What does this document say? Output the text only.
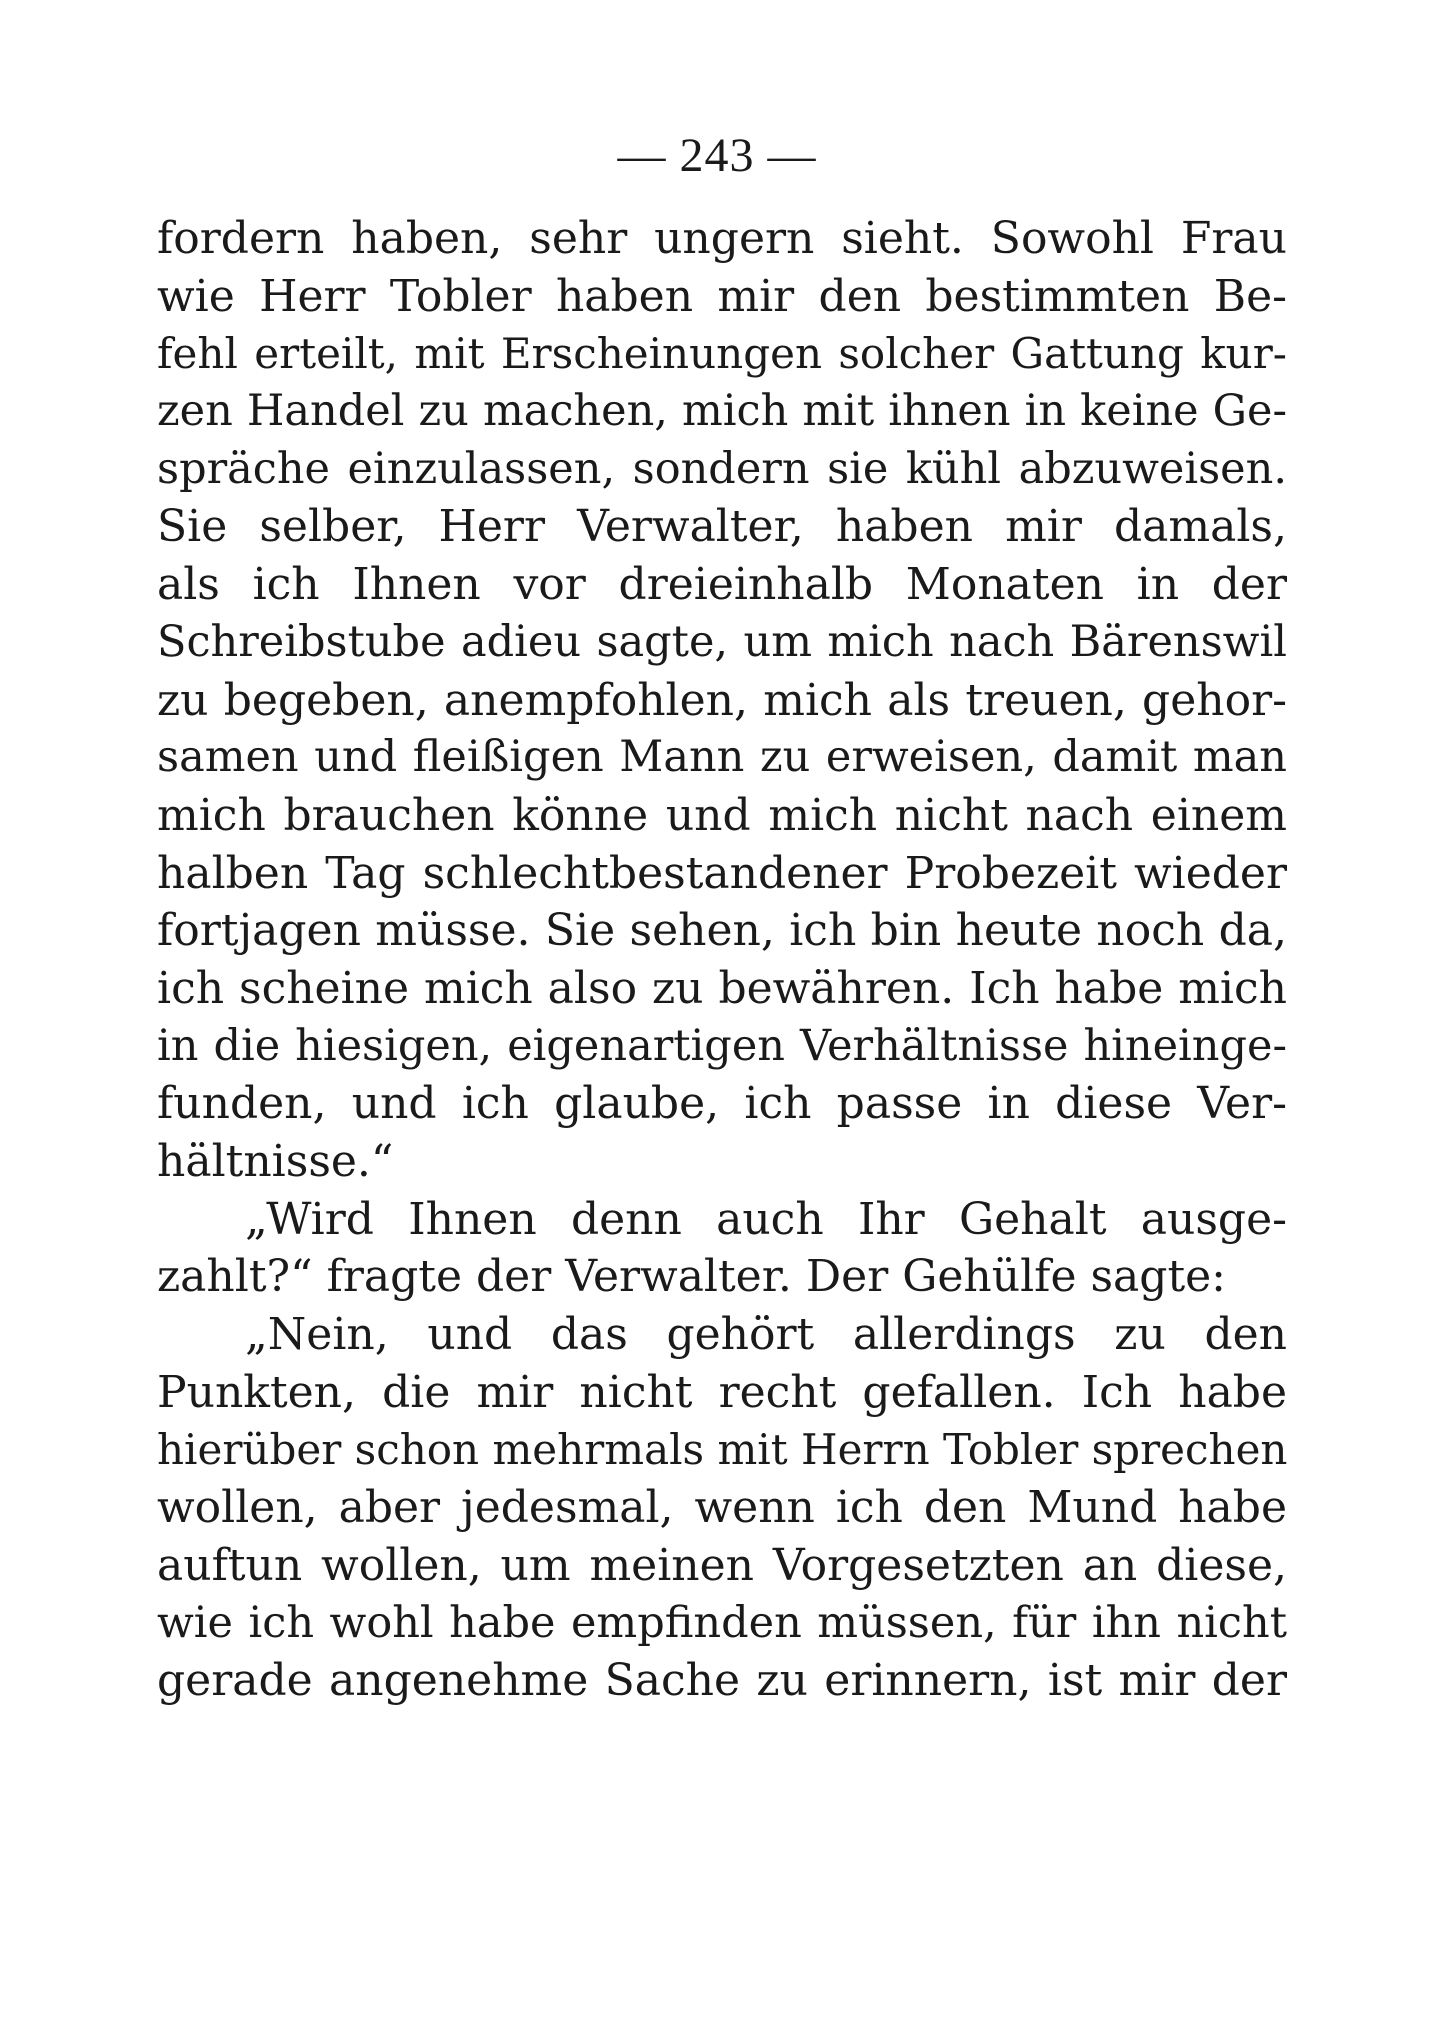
— 243 —
fordern haben, sehr ungern sieht. Sowohl Frau
wie Herr Tobler haben mir den bestimmten Be-
fehl erteilt, mit Erscheinungen solcher Gattung kur-
zen Handel zu machen, mich mit ihnen in keine Ge-
spräche einzulassen, sondern sie kühl abzuweisen.
Sie selber, Herr Verwalter, haben mir damals,
als ich Ihnen vor dreieinhalb Monaten in der
Schreibstube adieu sagte, um mich nach Bärenswil
zu begeben, anempfohlen, mich als treuen, gehor-
samen und fleißigen Mann zu erweisen, damit man
mich brauchen könne und mich nicht nach einem
halben Tag schlechtbestandener Probezeit wieder
fortjagen müsse. Sie sehen, ich bin heute noch da,
ich scheine mich also zu bewähren. Ich habe mich
in die hiesigen, eigenartigen Verhältnisse hineinge-
funden, und ich glaube, ich passe in diese Ver-
hältnisse.“
„Wird Ihnen denn auch Ihr Gehalt ausge-
zahlt?“ fragte der Verwalter. Der Gehülfe sagte:
„Nein, und das gehört allerdings zu den
Punkten, die mir nicht recht gefallen. Ich habe
hierüber schon mehrmals mit Herrn Tobler sprechen
wollen, aber jedesmal, wenn ich den Mund habe
auftun wollen, um meinen Vorgesetzten an diese,
wie ich wohl habe empfinden müssen, für ihn nicht
gerade angenehme Sache zu erinnern, ist mir der
